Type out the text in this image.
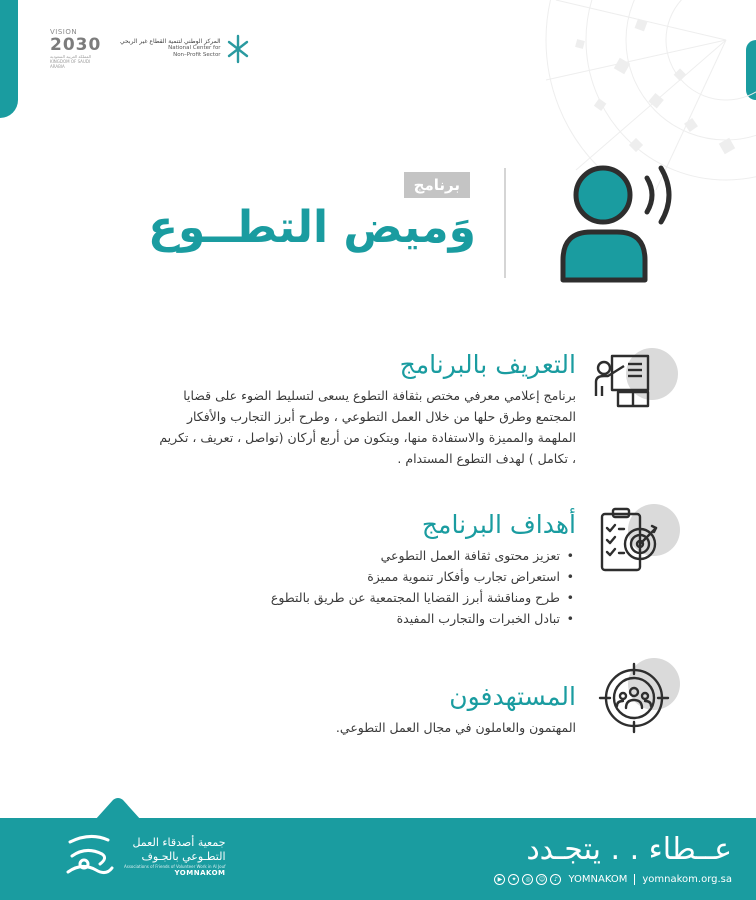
VISION
2030
المملكة العربية السعودية KINGDOM OF SAUDI ARABIA
المركز الوطني لتنمية القطاع غير الربحي
National Center for
Non–Profit Sector
برنامج
وَميض التطــوع
التعريف بالبرنامج

برنامج إعلامي معرفي مختص بثقافة التطوع يسعى لتسليط الضوء على قضايا المجتمع وطرق حلها من خلال العمل التطوعي ، وطرح أبرز التجارب والأفكار الملهمة والمميزة والاستفادة منها، ويتكون من أربع أركان (تواصل ، تعريف ، تكريم ، تكامل ) لهدف التطوع المستدام .

أهداف البرنامج
• تعزيز محتوى ثقافة العمل التطوعي
• استعراض تجارب وأفكار تنموية مميزة
• طرح ومناقشة أبرز القضايا المجتمعية عن طريق بالتطوع
• تبادل الخبرات والتجارب المفيدة
المستهدفون

المهتمون والعاملون في مجال العمل التطوعي.

جمعية أصدقاء العمل
التطـوعي بالجـوف
Associations of Friends of Volunteer Work in Al Jouf
YOMNAKOM
عــطاء . . يتجـدد
▶	✦	◎	☺	♪	YOMNAKOM yomnakom.org.sa
